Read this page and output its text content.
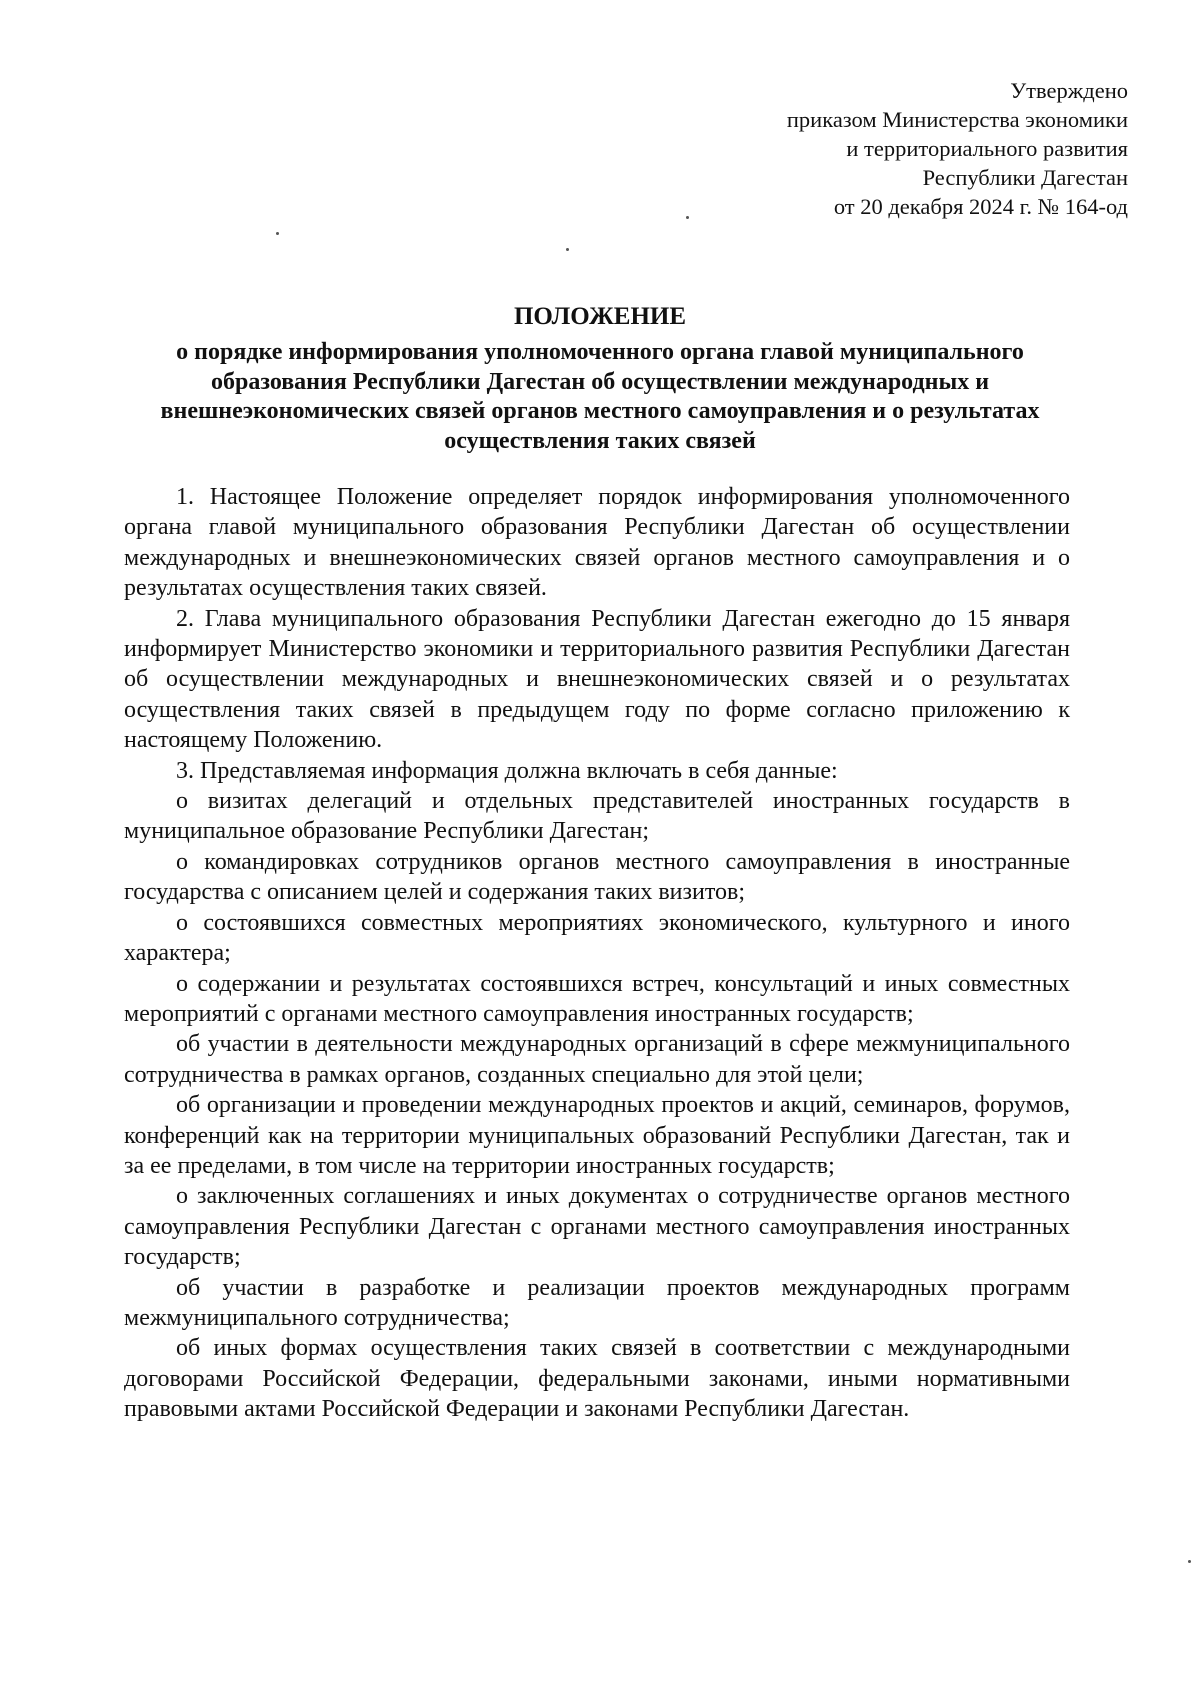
Утверждено
приказом Министерства экономики
и территориального развития
Республики Дагестан
от 20 декабря 2024 г. № 164-од
ПОЛОЖЕНИЕ
о порядке информирования уполномоченного органа главой муниципального образования Республики Дагестан об осуществлении международных и внешнеэкономических связей органов местного самоуправления и о результатах осуществления таких связей

1. Настоящее Положение определяет порядок информирования уполномоченного органа главой муниципального образования Республики Дагестан об осуществлении международных и внешнеэкономических связей органов местного самоуправления и о результатах осуществления таких связей.

2. Глава муниципального образования Республики Дагестан ежегодно до 15 января информирует Министерство экономики и территориального развития Республики Дагестан об осуществлении международных и внешнеэкономических связей и о результатах осуществления таких связей в предыдущем году по форме согласно приложению к настоящему Положению.

3. Представляемая информация должна включать в себя данные:

о визитах делегаций и отдельных представителей иностранных государств в муниципальное образование Республики Дагестан;

о командировках сотрудников органов местного самоуправления в иностранные государства с описанием целей и содержания таких визитов;

о состоявшихся совместных мероприятиях экономического, культурного и иного характера;

о содержании и результатах состоявшихся встреч, консультаций и иных совместных мероприятий с органами местного самоуправления иностранных государств;

об участии в деятельности международных организаций в сфере межмуниципального сотрудничества в рамках органов, созданных специально для этой цели;

об организации и проведении международных проектов и акций, семинаров, форумов, конференций как на территории муниципальных образований Республики Дагестан, так и за ее пределами, в том числе на территории иностранных государств;

о заключенных соглашениях и иных документах о сотрудничестве органов местного самоуправления Республики Дагестан с органами местного самоуправления иностранных государств;

об участии в разработке и реализации проектов международных программ межмуниципального сотрудничества;

об иных формах осуществления таких связей в соответствии с международными договорами Российской Федерации, федеральными законами, иными нормативными правовыми актами Российской Федерации и законами Республики Дагестан.
